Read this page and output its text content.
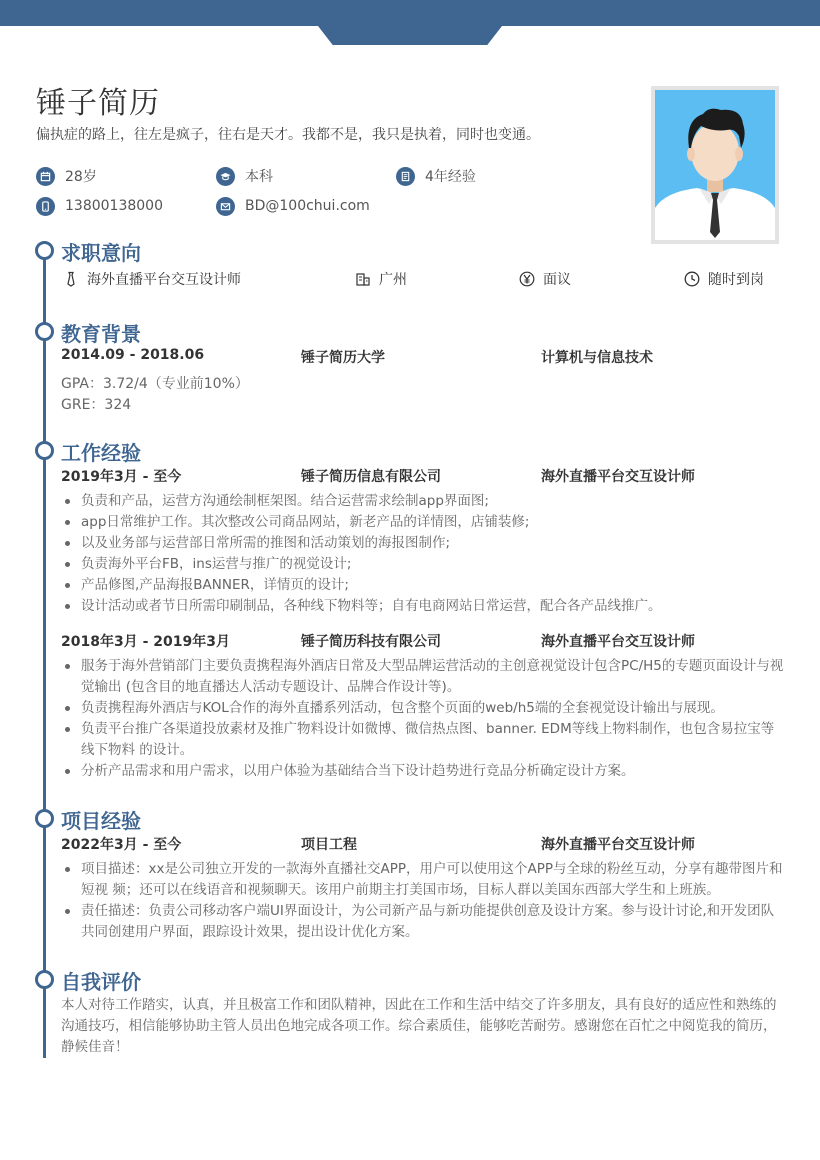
锤子简历
偏执症的路上，往左是疯子，往右是天才。我都不是，我只是执着，同时也变通。
28岁	本科	4年经验
13800138000	BD@100chui.com
求职意向
海外直播平台交互设计师	广州	面议	随时到岗
教育背景
2014.09 - 2018.06	锤子简历大学	计算机与信息技术
GPA：3.72/4（专业前10%）
GRE：324
工作经验
2019年3月 - 至今	锤子简历信息有限公司	海外直播平台交互设计师
负责和产品，运营方沟通绘制框架图。结合运营需求绘制app界面图;
app日常维护工作。其次整改公司商品网站，新老产品的详情图，店铺装修;
以及业务部与运营部日常所需的推图和活动策划的海报图制作;
负责海外平台FB，ins运营与推广的视觉设计;
产品修图,产品海报BANNER，详情页的设计;
设计活动或者节日所需印刷制品，各种线下物料等；自有电商网站日常运营，配合各产品线推广。
2018年3月 - 2019年3月	锤子简历科技有限公司	海外直播平台交互设计师
服务于海外营销部门主要负责携程海外酒店日常及大型品牌运营活动的主创意视觉设计包含PC/H5的专题页面设计与视觉输出 (包含目的地直播达人活动专题设计、品牌合作设计等)。
负责携程海外酒店与KOL合作的海外直播系列活动，包含整个页面的web/h5端的全套视觉设计输出与展现。
负责平台推广各渠道投放素材及推广物料设计如微博、微信热点图、banner. EDM等线上物料制作，也包含易拉宝等线下物料 的设计。
分析产品需求和用户需求，以用户体验为基础结合当下设计趋势进行竞品分析确定设计方案。
项目经验
2022年3月 - 至今	项目工程	海外直播平台交互设计师
项目描述：xx是公司独立开发的一款海外直播社交APP，用户可以使用这个APP与全球的粉丝互动，分享有趣带图片和短视 频；还可以在线语音和视频聊天。该用户前期主打美国市场，目标人群以美国东西部大学生和上班族。
责任描述：负责公司移动客户端UI界面设计，为公司新产品与新功能提供创意及设计方案。参与设计讨论,和开发团队 共同创建用户界面，跟踪设计效果，提出设计优化方案。
自我评价
本人对待工作踏实，认真，并且极富工作和团队精神，因此在工作和生活中结交了许多朋友，具有良好的适应性和熟练的沟通技巧，相信能够协助主管人员出色地完成各项工作。综合素质佳，能够吃苦耐劳。感谢您在百忙之中阅览我的简历，静候佳音！
